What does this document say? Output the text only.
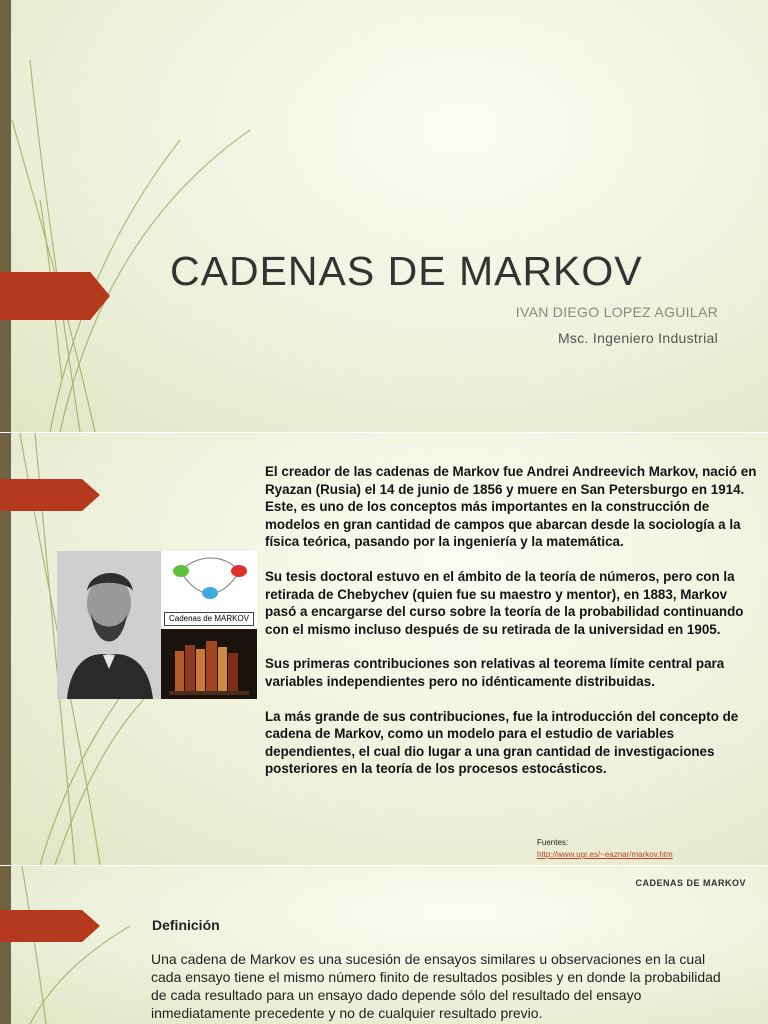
CADENAS DE MARKOV
IVAN DIEGO LOPEZ AGUILAR
Msc. Ingeniero Industrial
Cadenas de MARKOV

El creador de las cadenas de Markov fue Andrei Andreevich Markov, nació en Ryazan (Rusia) el 14 de junio de 1856 y muere en San Petersburgo en 1914.
Este, es uno de los conceptos más importantes en la construcción de modelos en gran cantidad de campos que abarcan desde la sociología a la física teórica, pasando por la ingeniería y la matemática.

Su tesis doctoral estuvo en el ámbito de la teoría de números, pero con la retirada de Chebychev (quien fue su maestro y mentor), en 1883, Markov pasó a encargarse del curso sobre la teoría de la probabilidad continuando con el mismo incluso después de su retirada de la universidad en 1905.

Sus primeras contribuciones son relativas al teorema límite central para variables independientes pero no idénticamente distribuidas.

La más grande de sus contribuciones, fue la introducción del concepto de cadena de Markov, como un modelo para el estudio de variables dependientes, el cual dio lugar a una gran cantidad de investigaciones posteriores en la teoría de los procesos estocásticos.

Fuentes:
http://www.ugr.es/~eaznar/markov.htm
CADENAS DE MARKOV
Definición
Una cadena de Markov es una sucesión de ensayos similares u observaciones en la cual cada ensayo tiene el mismo número finito de resultados posibles y en donde la probabilidad de cada resultado para un ensayo dado depende sólo del resultado del ensayo inmediatamente precedente y no de cualquier resultado previo.
